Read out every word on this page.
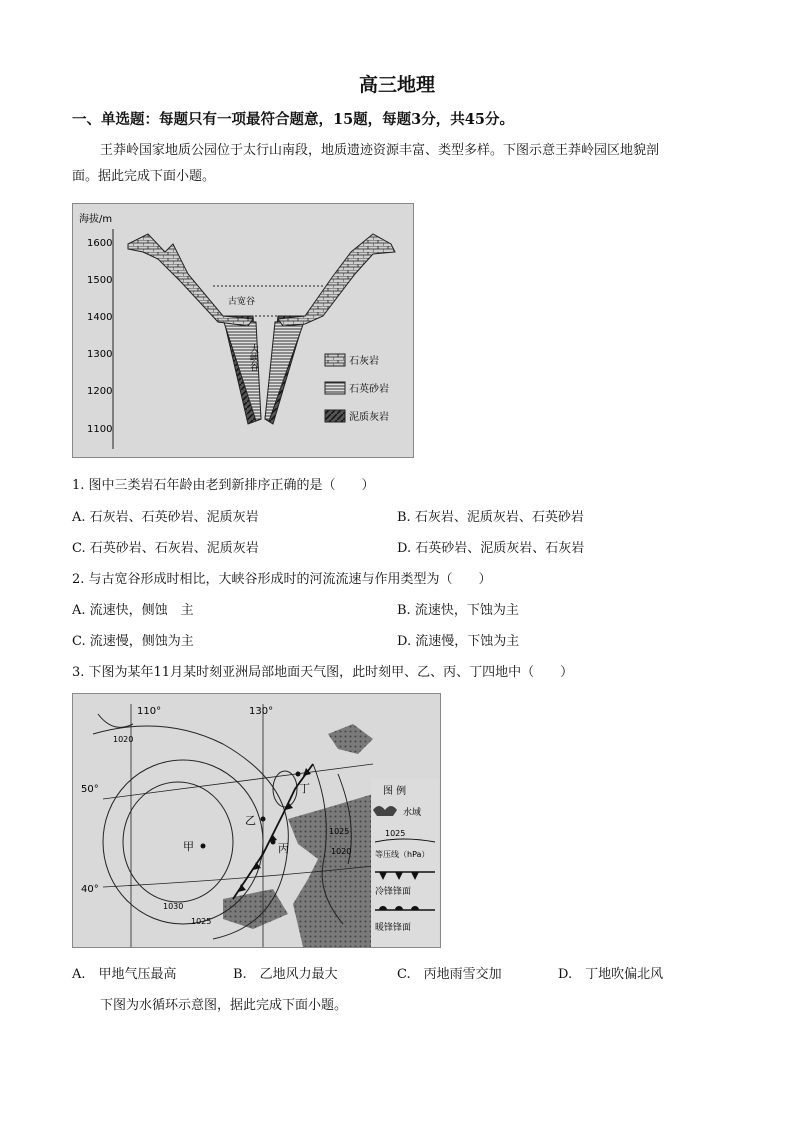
高三地理
一、单选题：每题只有一项最符合题意，15题，每题3分，共45分。
王莽岭国家地质公园位于太行山南段，地质遗迹资源丰富、类型多样。下图示意王莽岭园区地貌剖
面。据此完成下面小题。
海拔/m
1600
1500
1400
1300
1200
1100
古宽谷
大峡谷	石灰岩
石英砂岩
泥质灰岩
1. 图中三类岩石年龄由老到新排序正确的是（　　）
A. 石灰岩、石英砂岩、泥质灰岩	B. 石灰岩、泥质灰岩、石英砂岩
C. 石英砂岩、石灰岩、泥质灰岩	D. 石英砂岩、泥质灰岩、石灰岩
2. 与古宽谷形成时相比，大峡谷形成时的河流流速与作用类型为（　　）
A. 流速快，侧蚀　主	B. 流速快，下蚀为主
C. 流速慢，侧蚀为主	D. 流速慢，下蚀为主
3. 下图为某年11月某时刻亚洲局部地面天气图，此时刻甲、乙、丙、丁四地中（　　）
110°	130°
50°
40°
1020
1025
1030
1025
1020
甲
乙
丙
丁	图 例
水域
1025
等压线（hPa）
冷锋锋面
暖锋锋面
A.　甲地气压最高	B.　乙地风力最大	C.　丙地雨雪交加	D.　丁地吹偏北风
下图为水循环示意图，据此完成下面小题。
